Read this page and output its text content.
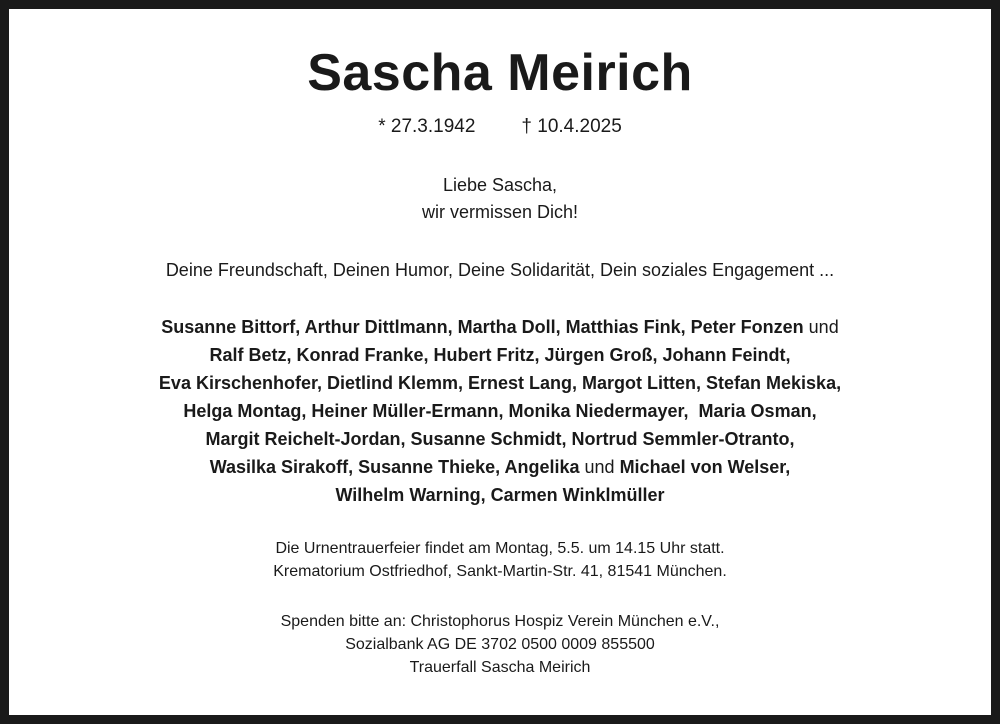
Sascha Meirich
* 27.3.1942 † 10.4.2025
Liebe Sascha,
wir vermissen Dich!
Deine Freundschaft, Deinen Humor, Deine Solidarität, Dein soziales Engagement ...
Susanne Bittorf, Arthur Dittlmann, Martha Doll, Matthias Fink, Peter Fonzen und
Ralf Betz, Konrad Franke, Hubert Fritz, Jürgen Groß, Johann Feindt,
Eva Kirschenhofer, Dietlind Klemm, Ernest Lang, Margot Litten, Stefan Mekiska,
Helga Montag, Heiner Müller-Ermann, Monika Niedermayer,  Maria Osman,
Margit Reichelt-Jordan, Susanne Schmidt, Nortrud Semmler-Otranto,
Wasilka Sirakoff, Susanne Thieke, Angelika und Michael von Welser,
Wilhelm Warning, Carmen Winklmüller
Die Urnentrauerfeier findet am Montag, 5.5. um 14.15 Uhr statt.
Krematorium Ostfriedhof, Sankt-Martin-Str. 41, 81541 München.
Spenden bitte an: Christophorus Hospiz Verein München e.V.,
Sozialbank AG DE 3702 0500 0009 855500
Trauerfall Sascha Meirich
